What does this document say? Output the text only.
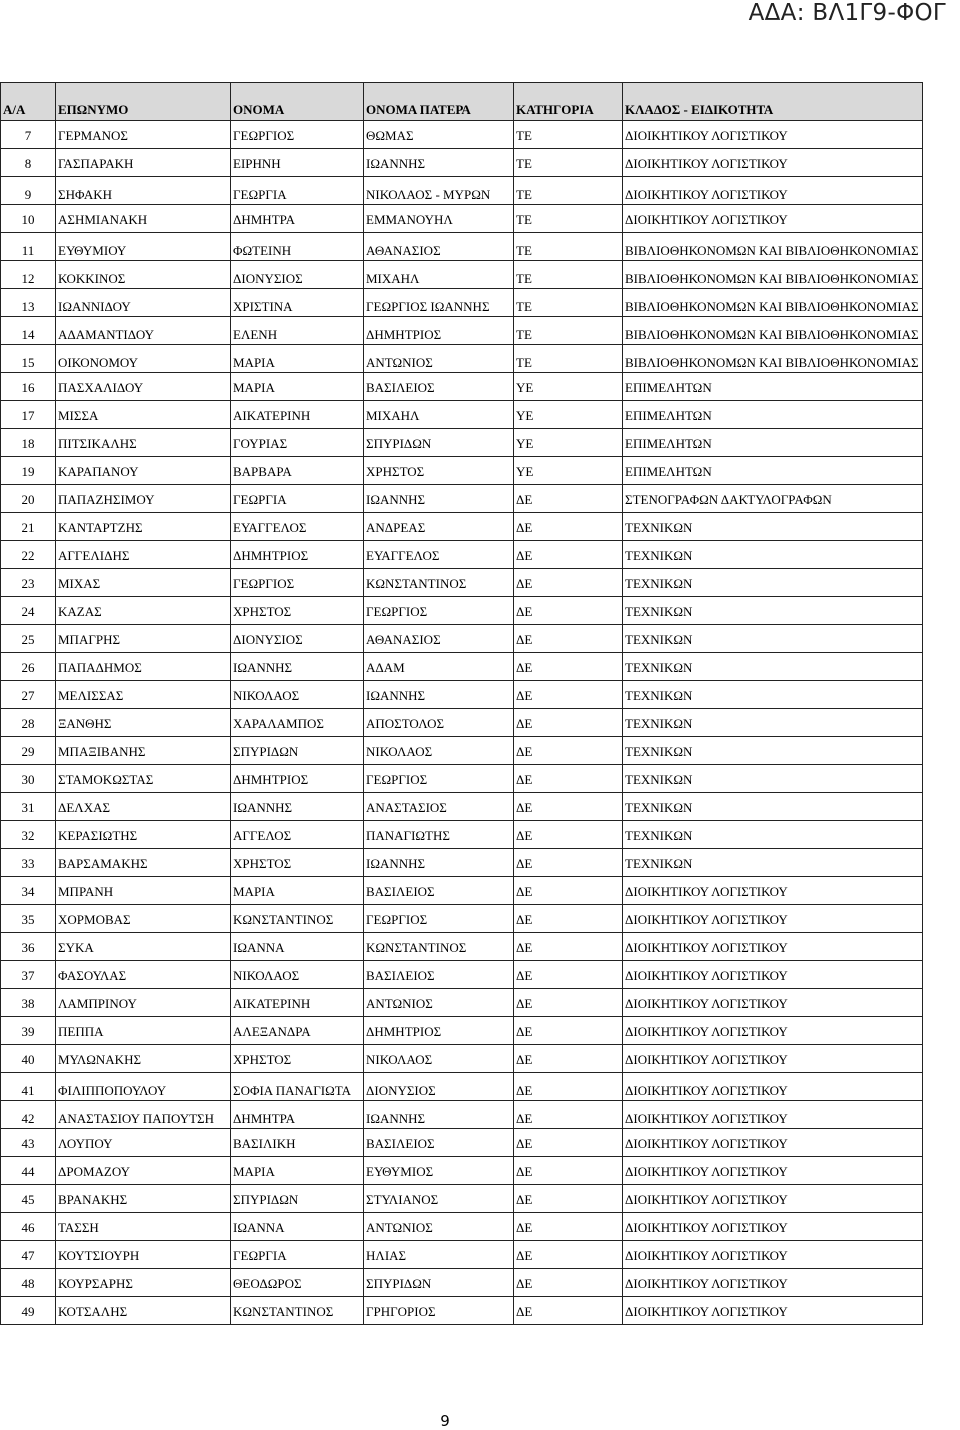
ΑΔΑ: ΒΛ1Γ9-ΦΟΓ
Α/Α	ΕΠΩΝΥΜΟ	ΟΝΟΜΑ	ΟΝΟΜΑ ΠΑΤΕΡΑ	ΚΑΤΗΓΟΡΙΑ	ΚΛΑΔΟΣ - ΕΙΔΙΚΟΤΗΤΑ
7	ΓΕΡΜΑΝΟΣ	ΓΕΩΡΓΙΟΣ	ΘΩΜΑΣ	ΤΕ	ΔΙΟΙΚΗΤΙΚΟΥ ΛΟΓΙΣΤΙΚΟΥ
8	ΓΑΣΠΑΡΑΚΗ	ΕΙΡΗΝΗ	ΙΩΑΝΝΗΣ	ΤΕ	ΔΙΟΙΚΗΤΙΚΟΥ ΛΟΓΙΣΤΙΚΟΥ
9	ΣΗΦΑΚΗ	ΓΕΩΡΓΙΑ	ΝΙΚΟΛΑΟΣ - ΜΥΡΩΝ	ΤΕ	ΔΙΟΙΚΗΤΙΚΟΥ ΛΟΓΙΣΤΙΚΟΥ
10	ΑΣΗΜΙΑΝΑΚΗ	ΔΗΜΗΤΡΑ	ΕΜΜΑΝΟΥΗΛ	ΤΕ	ΔΙΟΙΚΗΤΙΚΟΥ ΛΟΓΙΣΤΙΚΟΥ
11	ΕΥΘΥΜΙΟΥ	ΦΩΤΕΙΝΗ	ΑΘΑΝΑΣΙΟΣ	ΤΕ	ΒΙΒΛΙΟΘΗΚΟΝΟΜΩΝ ΚΑΙ ΒΙΒΛΙΟΘΗΚΟΝΟΜΙΑΣ
12	ΚΟΚΚΙΝΟΣ	ΔΙΟΝΥΣΙΟΣ	ΜΙΧΑΗΛ	ΤΕ	ΒΙΒΛΙΟΘΗΚΟΝΟΜΩΝ ΚΑΙ ΒΙΒΛΙΟΘΗΚΟΝΟΜΙΑΣ
13	ΙΩΑΝΝΙΔΟΥ	ΧΡΙΣΤΙΝΑ	ΓΕΩΡΓΙΟΣ ΙΩΑΝΝΗΣ	ΤΕ	ΒΙΒΛΙΟΘΗΚΟΝΟΜΩΝ ΚΑΙ ΒΙΒΛΙΟΘΗΚΟΝΟΜΙΑΣ
14	ΑΔΑΜΑΝΤΙΔΟΥ	ΕΛΕΝΗ	ΔΗΜΗΤΡΙΟΣ	ΤΕ	ΒΙΒΛΙΟΘΗΚΟΝΟΜΩΝ ΚΑΙ ΒΙΒΛΙΟΘΗΚΟΝΟΜΙΑΣ
15	ΟΙΚΟΝΟΜΟΥ	ΜΑΡΙΑ	ΑΝΤΩΝΙΟΣ	ΤΕ	ΒΙΒΛΙΟΘΗΚΟΝΟΜΩΝ ΚΑΙ ΒΙΒΛΙΟΘΗΚΟΝΟΜΙΑΣ
16	ΠΑΣΧΑΛΙΔΟΥ	ΜΑΡΙΑ	ΒΑΣΙΛΕΙΟΣ	ΥΕ	ΕΠΙΜΕΛΗΤΩΝ
17	ΜΙΣΣΑ	ΑΙΚΑΤΕΡΙΝΗ	ΜΙΧΑΗΛ	ΥΕ	ΕΠΙΜΕΛΗΤΩΝ
18	ΠΙΤΣΙΚΑΛΗΣ	ΓΟΥΡΙΑΣ	ΣΠΥΡΙΔΩΝ	ΥΕ	ΕΠΙΜΕΛΗΤΩΝ
19	ΚΑΡΑΠΑΝΟΥ	ΒΑΡΒΑΡΑ	ΧΡΗΣΤΟΣ	ΥΕ	ΕΠΙΜΕΛΗΤΩΝ
20	ΠΑΠΑΖΗΣΙΜΟΥ	ΓΕΩΡΓΙΑ	ΙΩΑΝΝΗΣ	ΔΕ	ΣΤΕΝΟΓΡΑΦΩΝ ΔΑΚΤΥΛΟΓΡΑΦΩΝ
21	ΚΑΝΤΑΡΤΖΗΣ	ΕΥΑΓΓΕΛΟΣ	ΑΝΔΡΕΑΣ	ΔΕ	ΤΕΧΝΙΚΩΝ
22	ΑΓΓΕΛΙΔΗΣ	ΔΗΜΗΤΡΙΟΣ	ΕΥΑΓΓΕΛΟΣ	ΔΕ	ΤΕΧΝΙΚΩΝ
23	ΜΙΧΑΣ	ΓΕΩΡΓΙΟΣ	ΚΩΝΣΤΑΝΤΙΝΟΣ	ΔΕ	ΤΕΧΝΙΚΩΝ
24	ΚΑΖΑΣ	ΧΡΗΣΤΟΣ	ΓΕΩΡΓΙΟΣ	ΔΕ	ΤΕΧΝΙΚΩΝ
25	ΜΠΑΓΡΗΣ	ΔΙΟΝΥΣΙΟΣ	ΑΘΑΝΑΣΙΟΣ	ΔΕ	ΤΕΧΝΙΚΩΝ
26	ΠΑΠΑΔΗΜΟΣ	ΙΩΑΝΝΗΣ	ΑΔΑΜ	ΔΕ	ΤΕΧΝΙΚΩΝ
27	ΜΕΛΙΣΣΑΣ	ΝΙΚΟΛΑΟΣ	ΙΩΑΝΝΗΣ	ΔΕ	ΤΕΧΝΙΚΩΝ
28	ΞΑΝΘΗΣ	ΧΑΡΑΛΑΜΠΟΣ	ΑΠΟΣΤΟΛΟΣ	ΔΕ	ΤΕΧΝΙΚΩΝ
29	ΜΠΑΞΙΒΑΝΗΣ	ΣΠΥΡΙΔΩΝ	ΝΙΚΟΛΑΟΣ	ΔΕ	ΤΕΧΝΙΚΩΝ
30	ΣΤΑΜΟΚΩΣΤΑΣ	ΔΗΜΗΤΡΙΟΣ	ΓΕΩΡΓΙΟΣ	ΔΕ	ΤΕΧΝΙΚΩΝ
31	ΔΕΛΧΑΣ	ΙΩΑΝΝΗΣ	ΑΝΑΣΤΑΣΙΟΣ	ΔΕ	ΤΕΧΝΙΚΩΝ
32	ΚΕΡΑΣΙΩΤΗΣ	ΑΓΓΕΛΟΣ	ΠΑΝΑΓΙΩΤΗΣ	ΔΕ	ΤΕΧΝΙΚΩΝ
33	ΒΑΡΣΑΜΑΚΗΣ	ΧΡΗΣΤΟΣ	ΙΩΑΝΝΗΣ	ΔΕ	ΤΕΧΝΙΚΩΝ
34	ΜΠΡΑΝΗ	ΜΑΡΙΑ	ΒΑΣΙΛΕΙΟΣ	ΔΕ	ΔΙΟΙΚΗΤΙΚΟΥ ΛΟΓΙΣΤΙΚΟΥ
35	ΧΟΡΜΟΒΑΣ	ΚΩΝΣΤΑΝΤΙΝΟΣ	ΓΕΩΡΓΙΟΣ	ΔΕ	ΔΙΟΙΚΗΤΙΚΟΥ ΛΟΓΙΣΤΙΚΟΥ
36	ΣΥΚΑ	ΙΩΑΝΝΑ	ΚΩΝΣΤΑΝΤΙΝΟΣ	ΔΕ	ΔΙΟΙΚΗΤΙΚΟΥ ΛΟΓΙΣΤΙΚΟΥ
37	ΦΑΣΟΥΛΑΣ	ΝΙΚΟΛΑΟΣ	ΒΑΣΙΛΕΙΟΣ	ΔΕ	ΔΙΟΙΚΗΤΙΚΟΥ ΛΟΓΙΣΤΙΚΟΥ
38	ΛΑΜΠΡΙΝΟΥ	ΑΙΚΑΤΕΡΙΝΗ	ΑΝΤΩΝΙΟΣ	ΔΕ	ΔΙΟΙΚΗΤΙΚΟΥ ΛΟΓΙΣΤΙΚΟΥ
39	ΠΕΠΠΑ	ΑΛΕΞΑΝΔΡΑ	ΔΗΜΗΤΡΙΟΣ	ΔΕ	ΔΙΟΙΚΗΤΙΚΟΥ ΛΟΓΙΣΤΙΚΟΥ
40	ΜΥΛΩΝΑΚΗΣ	ΧΡΗΣΤΟΣ	ΝΙΚΟΛΑΟΣ	ΔΕ	ΔΙΟΙΚΗΤΙΚΟΥ ΛΟΓΙΣΤΙΚΟΥ
41	ΦΙΛΙΠΠΟΠΟΥΛΟΥ	ΣΟΦΙΑ ΠΑΝΑΓΙΩΤΑ	ΔΙΟΝΥΣΙΟΣ	ΔΕ	ΔΙΟΙΚΗΤΙΚΟΥ ΛΟΓΙΣΤΙΚΟΥ
42	ΑΝΑΣΤΑΣΙΟΥ ΠΑΠΟΥΤΣΗ	ΔΗΜΗΤΡΑ	ΙΩΑΝΝΗΣ	ΔΕ	ΔΙΟΙΚΗΤΙΚΟΥ ΛΟΓΙΣΤΙΚΟΥ
43	ΛΟΥΠΟΥ	ΒΑΣΙΛΙΚΗ	ΒΑΣΙΛΕΙΟΣ	ΔΕ	ΔΙΟΙΚΗΤΙΚΟΥ ΛΟΓΙΣΤΙΚΟΥ
44	ΔΡΟΜΑΖΟΥ	ΜΑΡΙΑ	ΕΥΘΥΜΙΟΣ	ΔΕ	ΔΙΟΙΚΗΤΙΚΟΥ ΛΟΓΙΣΤΙΚΟΥ
45	ΒΡΑΝΑΚΗΣ	ΣΠΥΡΙΔΩΝ	ΣΤΥΛΙΑΝΟΣ	ΔΕ	ΔΙΟΙΚΗΤΙΚΟΥ ΛΟΓΙΣΤΙΚΟΥ
46	ΤΑΣΣΗ	ΙΩΑΝΝΑ	ΑΝΤΩΝΙΟΣ	ΔΕ	ΔΙΟΙΚΗΤΙΚΟΥ ΛΟΓΙΣΤΙΚΟΥ
47	ΚΟΥΤΣΙΟΥΡΗ	ΓΕΩΡΓΙΑ	ΗΛΙΑΣ	ΔΕ	ΔΙΟΙΚΗΤΙΚΟΥ ΛΟΓΙΣΤΙΚΟΥ
48	ΚΟΥΡΣΑΡΗΣ	ΘΕΟΔΩΡΟΣ	ΣΠΥΡΙΔΩΝ	ΔΕ	ΔΙΟΙΚΗΤΙΚΟΥ ΛΟΓΙΣΤΙΚΟΥ
49	ΚΟΤΣΑΛΗΣ	ΚΩΝΣΤΑΝΤΙΝΟΣ	ΓΡΗΓΟΡΙΟΣ	ΔΕ	ΔΙΟΙΚΗΤΙΚΟΥ ΛΟΓΙΣΤΙΚΟΥ
9
